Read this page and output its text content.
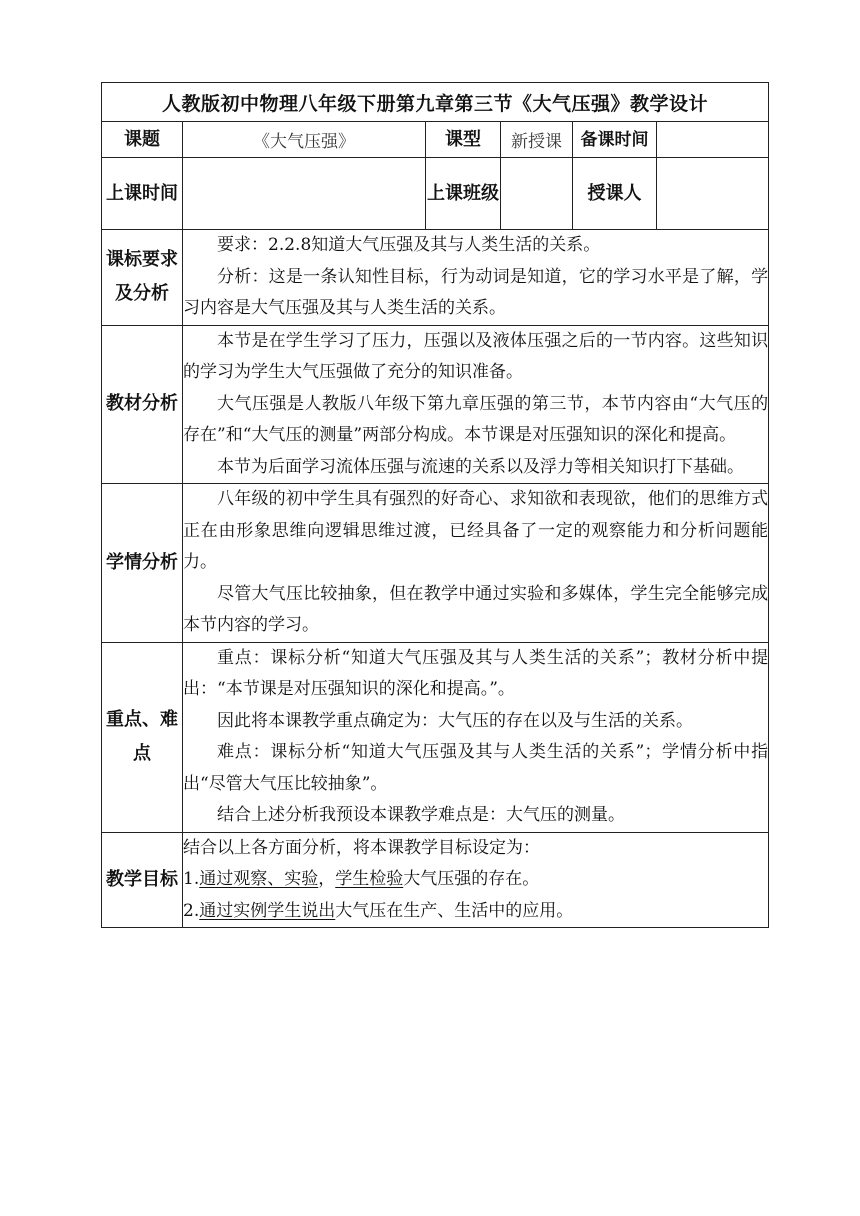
人教版初中物理八年级下册第九章第三节《大气压强》教学设计					
课题	《大气压强》	课型	新授课	备课时间	
上课时间		上课班级		授课人	
课标要求及分析	要求：2.2.8知道大气压强及其与人类生活的关系。

分析：这是一条认知性目标，行为动词是知道，它的学习水平是了解，学习内容是大气压强及其与人类生活的关系。				

教材分析	本节是在学生学习了压力，压强以及液体压强之后的一节内容。这些知识的学习为学生大气压强做了充分的知识准备。

大气压强是人教版八年级下第九章压强的第三节，本节内容由“大气压的存在”和“大气压的测量”两部分构成。本节课是对压强知识的深化和提高。

本节为后面学习流体压强与流速的关系以及浮力等相关知识打下基础。				

学情分析	八年级的初中学生具有强烈的好奇心、求知欲和表现欲，他们的思维方式正在由形象思维向逻辑思维过渡，已经具备了一定的观察能力和分析问题能力。

尽管大气压比较抽象，但在教学中通过实验和多媒体，学生完全能够完成本节内容的学习。				

重点、难点	重点：课标分析“知道大气压强及其与人类生活的关系”；教材分析中提出：“本节课是对压强知识的深化和提高。”。

因此将本课教学重点确定为：大气压的存在以及与生活的关系。

难点：课标分析“知道大气压强及其与人类生活的关系”；学情分析中指出“尽管大气压比较抽象”。

结合上述分析我预设本课教学难点是：大气压的测量。				

教学目标	结合以上各方面分析，将本课教学目标设定为：

1.通过观察、实验，学生检验大气压强的存在。

2.通过实例学生说出大气压在生产、生活中的应用。				
